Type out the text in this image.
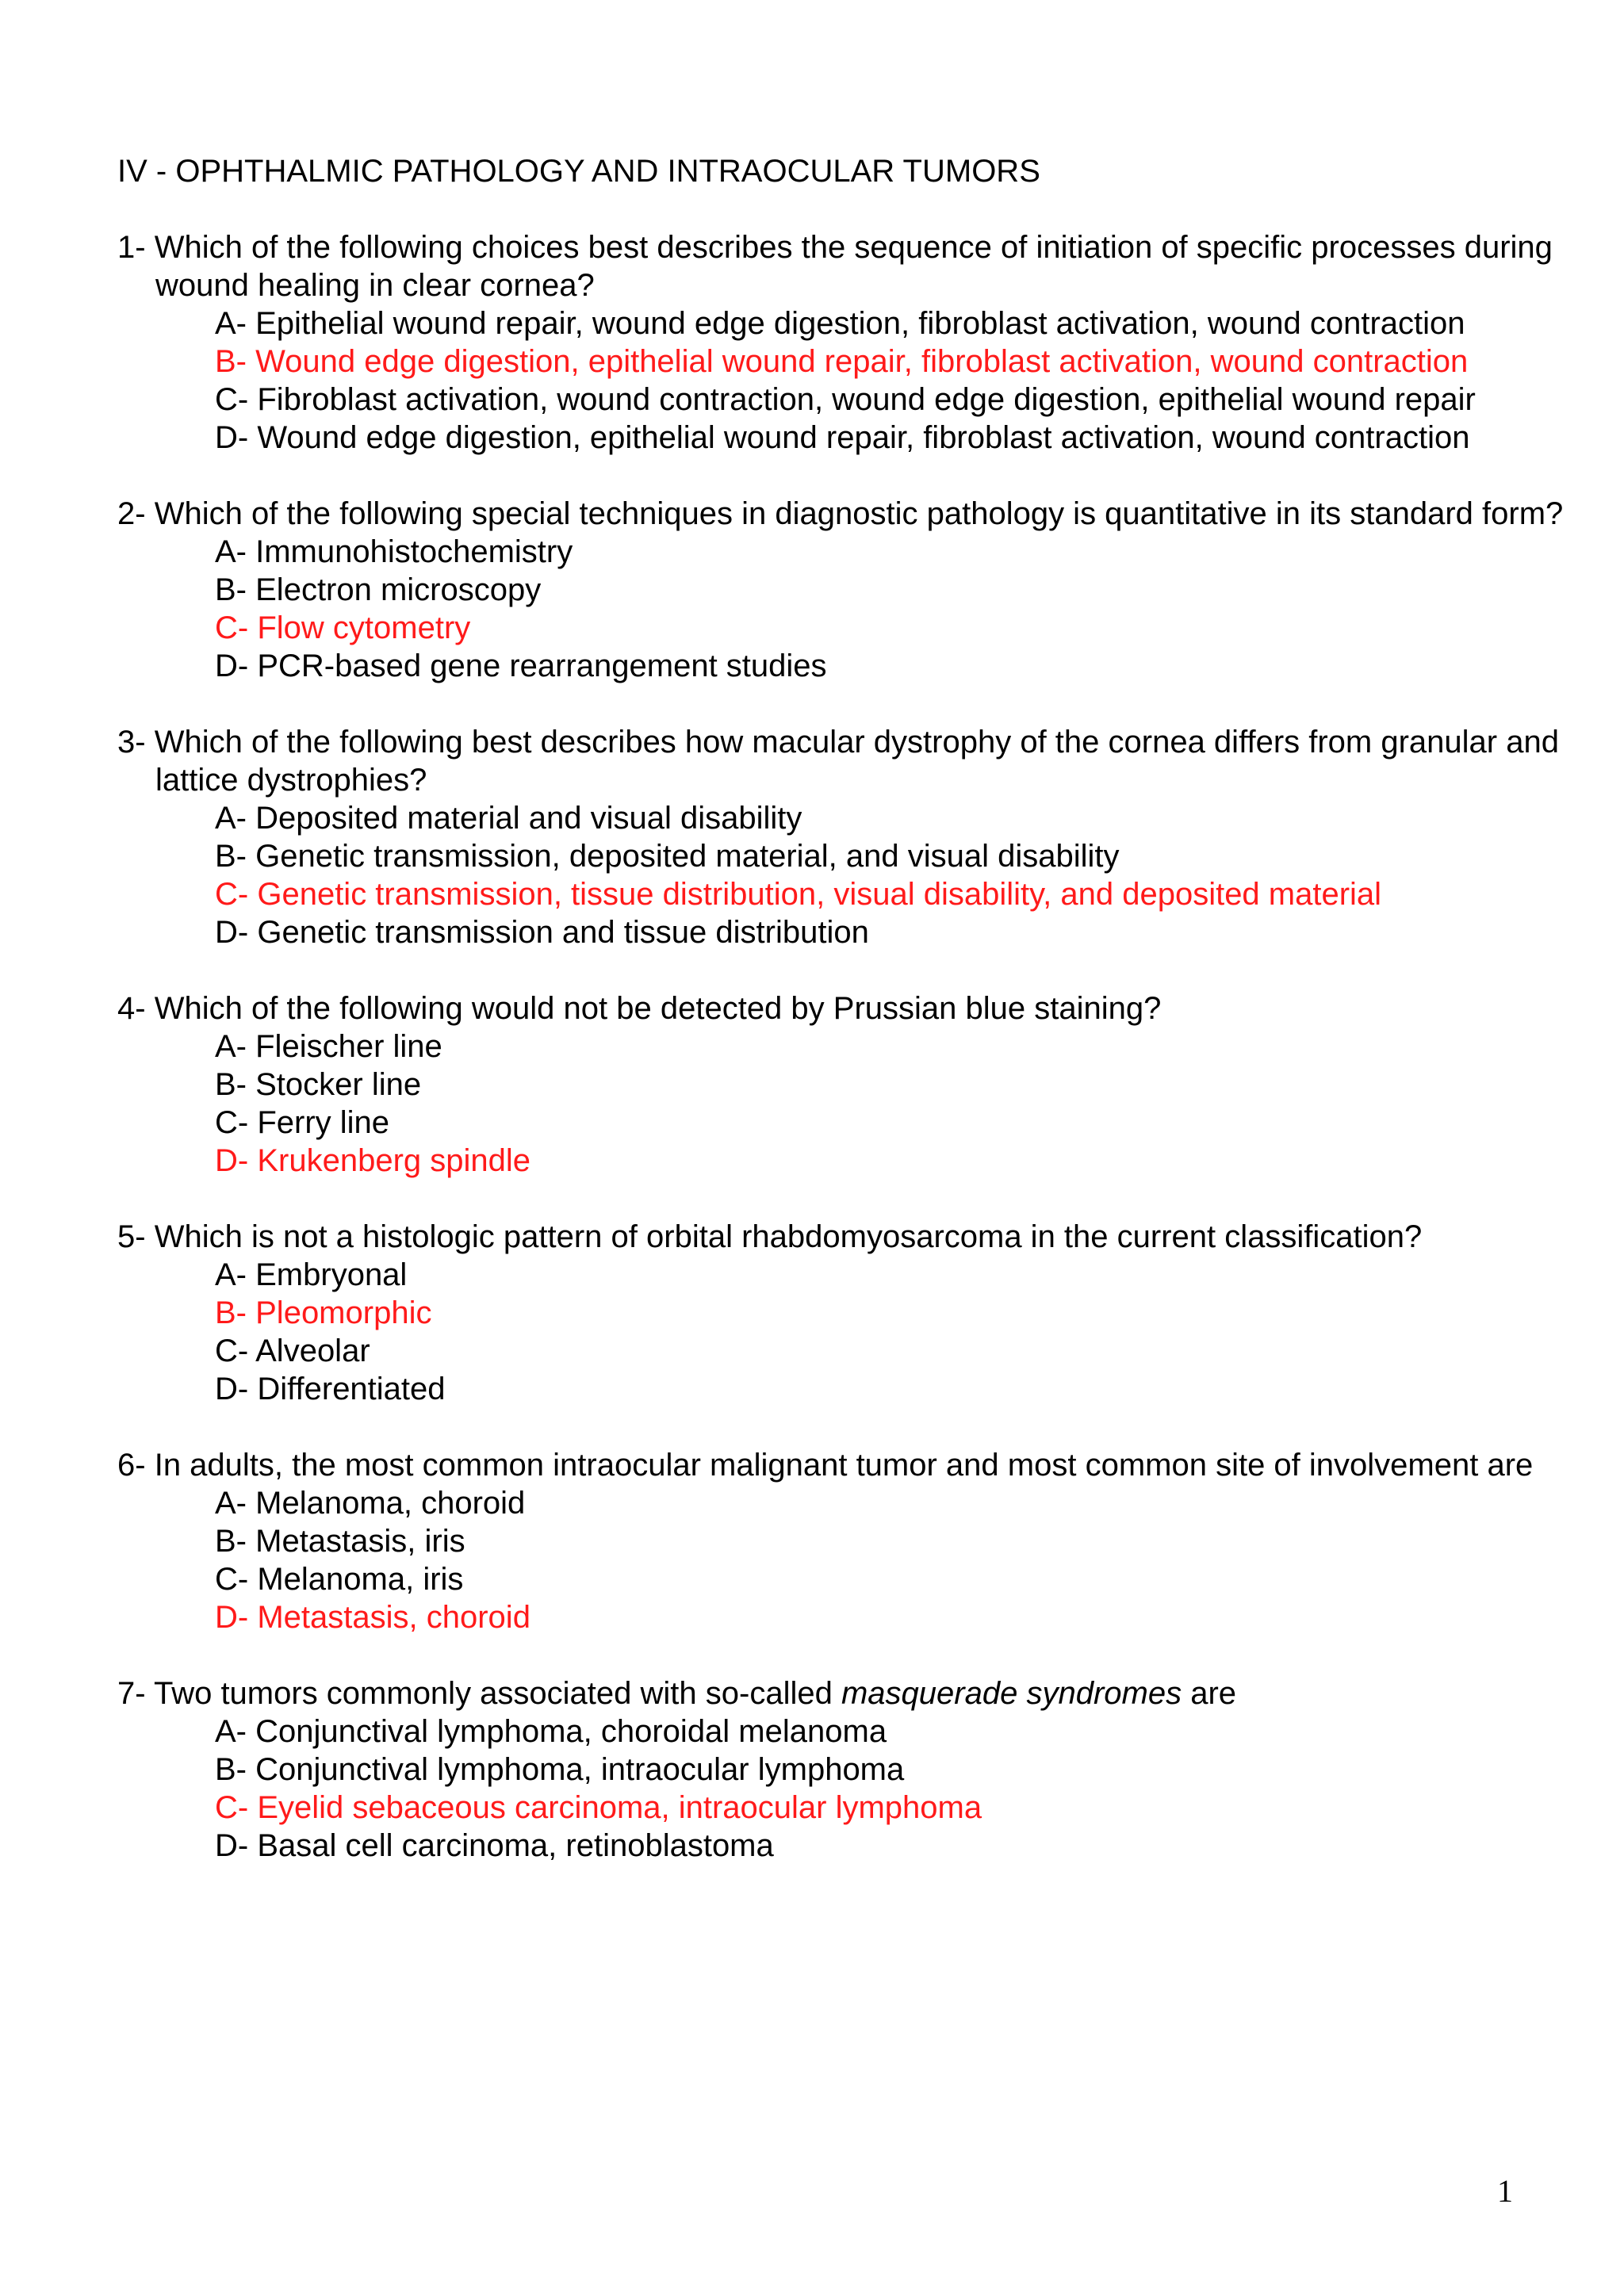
IV - OPHTHALMIC PATHOLOGY AND INTRAOCULAR TUMORS

1- Which of the following choices best describes the sequence of initiation of specific processes during wound healing in clear cornea?

A- Epithelial wound repair, wound edge digestion, fibroblast activation, wound contraction
B- Wound edge digestion, epithelial wound repair, fibroblast activation, wound contraction
C- Fibroblast activation, wound contraction, wound edge digestion, epithelial wound repair
D- Wound edge digestion, epithelial wound repair, fibroblast activation, wound contraction

2- Which of the following special techniques in diagnostic pathology is quantitative in its standard form?

A- Immunohistochemistry
B- Electron microscopy
C- Flow cytometry
D- PCR-based gene rearrangement studies

3- Which of the following best describes how macular dystrophy of the cornea differs from granular and lattice dystrophies?

A- Deposited material and visual disability
B- Genetic transmission, deposited material, and visual disability
C- Genetic transmission, tissue distribution, visual disability, and deposited material
D- Genetic transmission and tissue distribution

4- Which of the following would not be detected by Prussian blue staining?

A- Fleischer line
B- Stocker line
C- Ferry line
D- Krukenberg spindle

5- Which is not a histologic pattern of orbital rhabdomyosarcoma in the current classification?

A- Embryonal
B- Pleomorphic
C- Alveolar
D- Differentiated

6- In adults, the most common intraocular malignant tumor and most common site of involvement are

A- Melanoma, choroid
B- Metastasis, iris
C- Melanoma, iris
D- Metastasis, choroid

7- Two tumors commonly associated with so-called masquerade syndromes are

A- Conjunctival lymphoma, choroidal melanoma
B- Conjunctival lymphoma, intraocular lymphoma
C- Eyelid sebaceous carcinoma, intraocular lymphoma
D- Basal cell carcinoma, retinoblastoma
1
